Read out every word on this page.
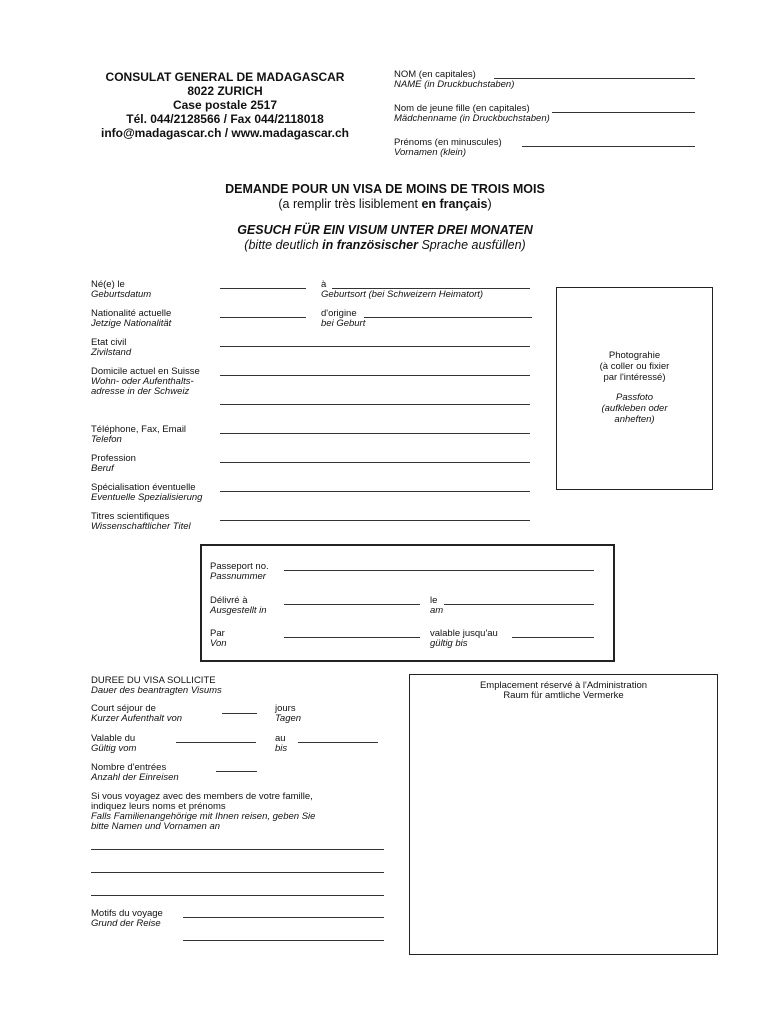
CONSULAT GENERAL DE MADAGASCAR
8022 ZURICH
Case postale 2517
Tél. 044/2128566 / Fax 044/2118018
info@madagascar.ch / www.madagascar.ch
NOM (en capitales)
NAME (in Druckbuchstaben)
Nom de jeune fille (en capitales)
Mädchenname (in Druckbuchstaben)
Prénoms (en minuscules)
Vornamen (klein)
DEMANDE POUR UN VISA DE MOINS DE TROIS MOIS
(a remplir très lisiblement en français)
GESUCH FÜR EIN VISUM UNTER DREI MONATEN
(bitte deutlich in französischer Sprache ausfüllen)
Né(e) le
Geburtsdatum
à
Geburtsort (bei Schweizern Heimatort)
Nationalité actuelle
Jetzige Nationalität
d'origine
bei Geburt
Etat civil
Zivilstand
Domicile actuel en Suisse
Wohn- oder Aufenthalts-
adresse in der Schweiz
Téléphone, Fax, Email
Telefon
Profession
Beruf
Spécialisation éventuelle
Eventuelle Spezialisierung
Titres scientifiques
Wissenschaftlicher Titel
Photograhie
(à coller ou fixier
par l'intéressé)
Passfoto
(aufkleben oder
anheften)
Passeport no.
Passnummer
Délivré à
Ausgestellt in
le
am
Par
Von
valable jusqu'au
gültig bis
DUREE DU VISA SOLLICITE
Dauer des beantragten Visums
Court séjour de
Kurzer Aufenthalt von
jours
Tagen
Valable du
Gültig vom
au
bis
Nombre d'entrées
Anzahl der Einreisen
Si vous voyagez avec des members de votre famille,
indiquez leurs noms et prénoms
Falls Familienangehörige mit Ihnen reisen, geben Sie
bitte Namen und Vornamen an
Motifs du voyage
Grund der Reise
Emplacement réservé à l'Administration
Raum für amtliche Vermerke
